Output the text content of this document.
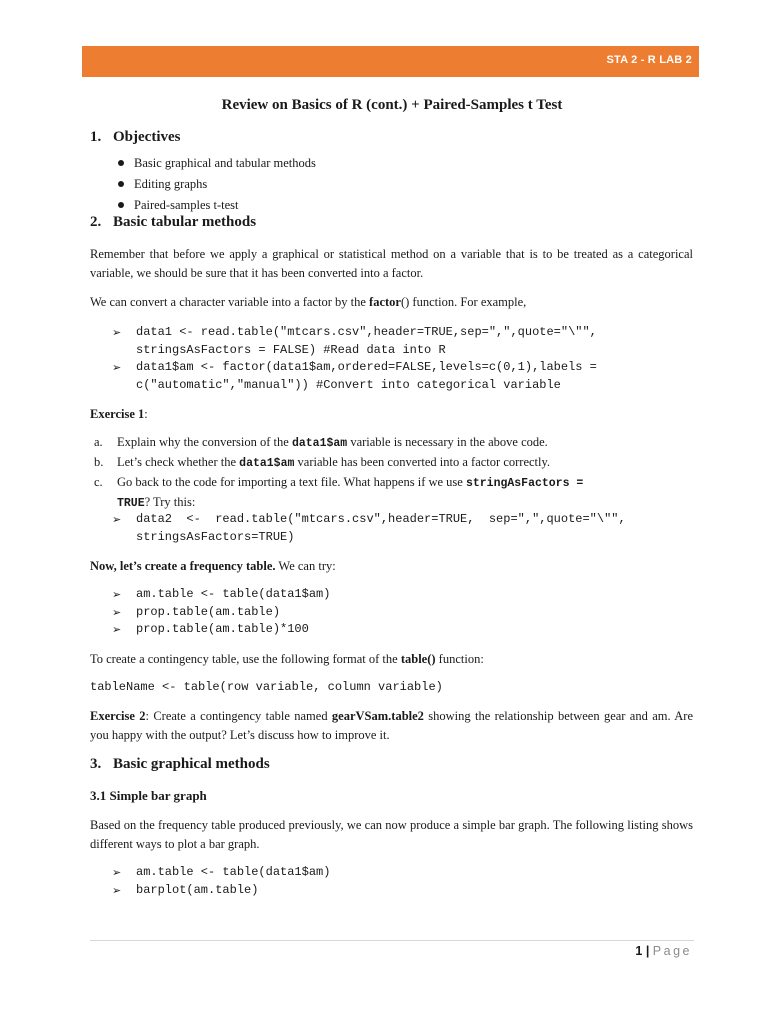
STA 2 - R LAB 2
Review on Basics of R (cont.) + Paired-Samples t Test
1. Objectives
Basic graphical and tabular methods
Editing graphs
Paired-samples t-test
2. Basic tabular methods

Remember that before we apply a graphical or statistical method on a variable that is to be treated as a categorical variable, we should be sure that it has been converted into a factor.

We can convert a character variable into a factor by the factor() function. For example,

➢	data1 <- read.table("mtcars.csv",header=TRUE,sep=",",quote="\"",
stringsAsFactors = FALSE) #Read data into R
➢	data1$am <- factor(data1$am,ordered=FALSE,levels=c(0,1),labels =
c("automatic","manual")) #Convert into categorical variable

Exercise 1:

a. Explain why the conversion of the data1$am variable is necessary in the above code.
b. Let’s check whether the data1$am variable has been converted into a factor correctly.
c. Go back to the code for importing a text file. What happens if we use stringAsFactors =
TRUE? Try this:
➢	data2  <-  read.table("mtcars.csv",header=TRUE,  sep=",",quote="\"",
stringsAsFactors=TRUE)

Now, let’s create a frequency table. We can try:

➢	am.table <- table(data1$am)
➢	prop.table(am.table)
➢	prop.table(am.table)*100

To create a contingency table, use the following format of the table() function:

tableName <- table(row variable, column variable)

Exercise 2: Create a contingency table named gearVSam.table2 showing the relationship between gear and am. Are you happy with the output? Let’s discuss how to improve it.

3. Basic graphical methods
3.1 Simple bar graph

Based on the frequency table produced previously, we can now produce a simple bar graph. The following listing shows different ways to plot a bar graph.

➢	am.table <- table(data1$am)
➢	barplot(am.table)
1 | Page
